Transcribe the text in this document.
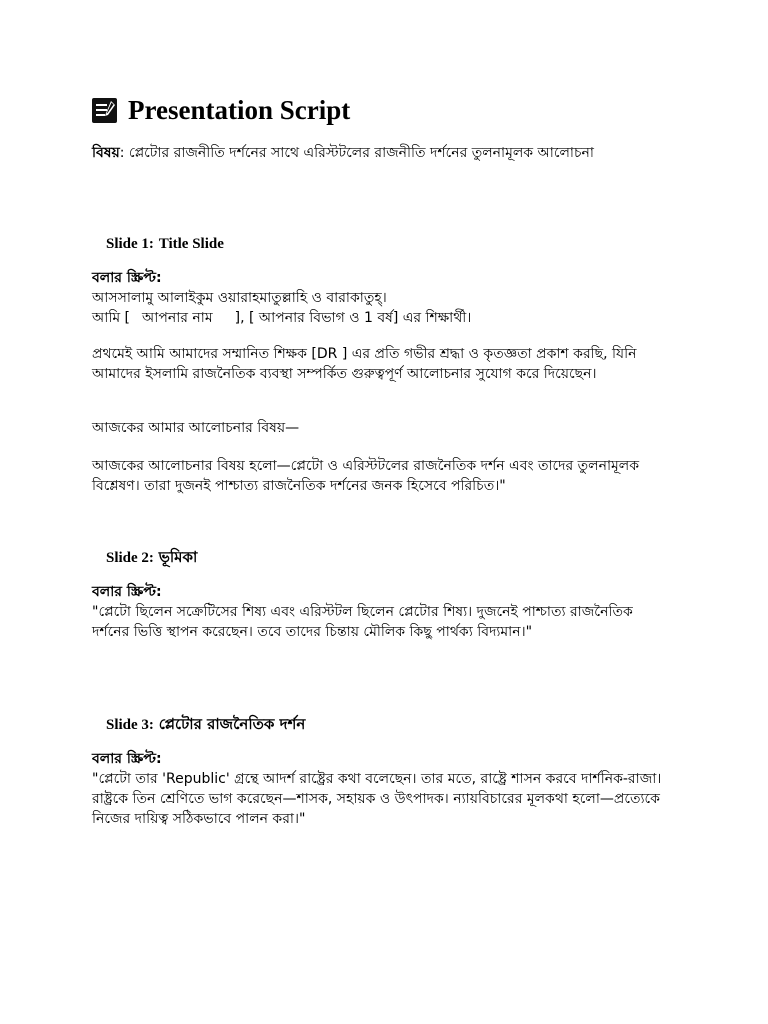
Presentation Script

বিষয়: প্লেটোর রাজনীতি দর্শনের সাথে এরিস্টটলের রাজনীতি দর্শনের তুলনামূলক আলোচনা

Slide 1: Title Slide

বলার স্ক্রিপ্ট:

আসসালামু আলাইকুম ওয়ারাহমাতুল্লাহি ও বারাকাতুহ্।

আমি [ আপনার নাম ], [ আপনার বিভাগ ও 1 বর্ষ] এর শিক্ষার্থী।

প্রথমেই আমি আমাদের সম্মানিত শিক্ষক [DR ] এর প্রতি গভীর শ্রদ্ধা ও কৃতজ্ঞতা প্রকাশ করছি, যিনি আমাদের ইসলামি রাজনৈতিক ব্যবস্থা সম্পর্কিত গুরুত্বপূর্ণ আলোচনার সুযোগ করে দিয়েছেন।

আজকের আমার আলোচনার বিষয়—

আজকের আলোচনার বিষয় হলো—প্লেটো ও এরিস্টটলের রাজনৈতিক দর্শন এবং তাদের তুলনামূলক বিশ্লেষণ। তারা দুজনই পাশ্চাত্য রাজনৈতিক দর্শনের জনক হিসেবে পরিচিত।"

Slide 2: ভূমিকা

বলার স্ক্রিপ্ট:

"প্লেটো ছিলেন সক্রেটিসের শিষ্য এবং এরিস্টটল ছিলেন প্লেটোর শিষ্য। দুজনেই পাশ্চাত্য রাজনৈতিক দর্শনের ভিত্তি স্থাপন করেছেন। তবে তাদের চিন্তায় মৌলিক কিছু পার্থক্য বিদ্যমান।"

Slide 3: প্লেটোর রাজনৈতিক দর্শন

বলার স্ক্রিপ্ট:

"প্লেটো তার 'Republic' গ্রন্থে আদর্শ রাষ্ট্রের কথা বলেছেন। তার মতে, রাষ্ট্রে শাসন করবে দার্শনিক-রাজা। রাষ্ট্রকে তিন শ্রেণিতে ভাগ করেছেন—শাসক, সহায়ক ও উৎপাদক। ন্যায়বিচারের মূলকথা হলো—প্রত্যেকে নিজের দায়িত্ব সঠিকভাবে পালন করা।"
